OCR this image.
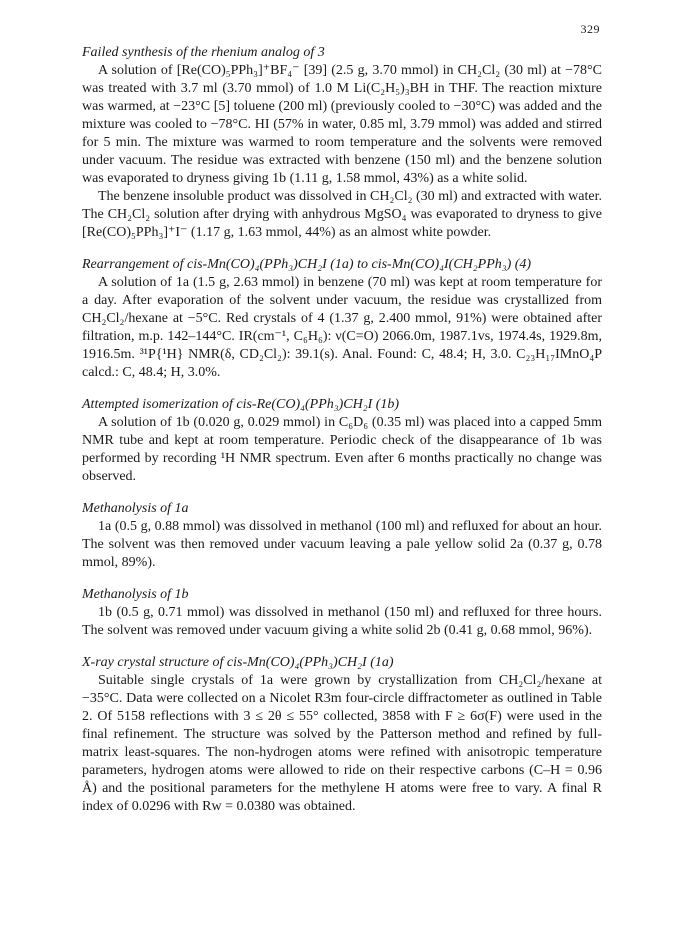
329

Failed synthesis of the rhenium analog of 3

A solution of [Re(CO)₅PPh₃]⁺BF₄⁻ [39] (2.5 g, 3.70 mmol) in CH₂Cl₂ (30 ml) at −78°C was treated with 3.7 ml (3.70 mmol) of 1.0 M Li(C₂H₅)₃BH in THF. The reaction mixture was warmed, at −23°C [5] toluene (200 ml) (previously cooled to −30°C) was added and the mixture was cooled to −78°C. HI (57% in water, 0.85 ml, 3.79 mmol) was added and stirred for 5 min. The mixture was warmed to room temperature and the solvents were removed under vacuum. The residue was extracted with benzene (150 ml) and the benzene solution was evaporated to dryness giving 1b (1.11 g, 1.58 mmol, 43%) as a white solid.

The benzene insoluble product was dissolved in CH₂Cl₂ (30 ml) and extracted with water. The CH₂Cl₂ solution after drying with anhydrous MgSO₄ was evaporated to dryness to give [Re(CO)₅PPh₃]⁺I⁻ (1.17 g, 1.63 mmol, 44%) as an almost white powder.

Rearrangement of cis-Mn(CO)₄(PPh₃)CH₂I (1a) to cis-Mn(CO)₄I(CH₂PPh₃) (4)

A solution of 1a (1.5 g, 2.63 mmol) in benzene (70 ml) was kept at room temperature for a day. After evaporation of the solvent under vacuum, the residue was crystallized from CH₂Cl₂/hexane at −5°C. Red crystals of 4 (1.37 g, 2.400 mmol, 91%) were obtained after filtration, m.p. 142–144°C. IR(cm⁻¹, C₆H₆): ν(C=O) 2066.0m, 1987.1vs, 1974.4s, 1929.8m, 1916.5m. ³¹P{¹H} NMR(δ, CD₂Cl₂): 39.1(s). Anal. Found: C, 48.4; H, 3.0. C₂₃H₁₇IMnO₄P calcd.: C, 48.4; H, 3.0%.

Attempted isomerization of cis-Re(CO)₄(PPh₃)CH₂I (1b)

A solution of 1b (0.020 g, 0.029 mmol) in C₆D₆ (0.35 ml) was placed into a capped 5mm NMR tube and kept at room temperature. Periodic check of the disappearance of 1b was performed by recording ¹H NMR spectrum. Even after 6 months practically no change was observed.

Methanolysis of 1a

1a (0.5 g, 0.88 mmol) was dissolved in methanol (100 ml) and refluxed for about an hour. The solvent was then removed under vacuum leaving a pale yellow solid 2a (0.37 g, 0.78 mmol, 89%).

Methanolysis of 1b

1b (0.5 g, 0.71 mmol) was dissolved in methanol (150 ml) and refluxed for three hours. The solvent was removed under vacuum giving a white solid 2b (0.41 g, 0.68 mmol, 96%).

X-ray crystal structure of cis-Mn(CO)₄(PPh₃)CH₂I (1a)

Suitable single crystals of 1a were grown by crystallization from CH₂Cl₂/hexane at −35°C. Data were collected on a Nicolet R3m four-circle diffractometer as outlined in Table 2. Of 5158 reflections with 3 ≤ 2θ ≤ 55° collected, 3858 with F ≥ 6σ(F) were used in the final refinement. The structure was solved by the Patterson method and refined by full-matrix least-squares. The non-hydrogen atoms were refined with anisotropic temperature parameters, hydrogen atoms were allowed to ride on their respective carbons (C–H = 0.96 Å) and the positional parameters for the methylene H atoms were free to vary. A final R index of 0.0296 with Rw = 0.0380 was obtained.
